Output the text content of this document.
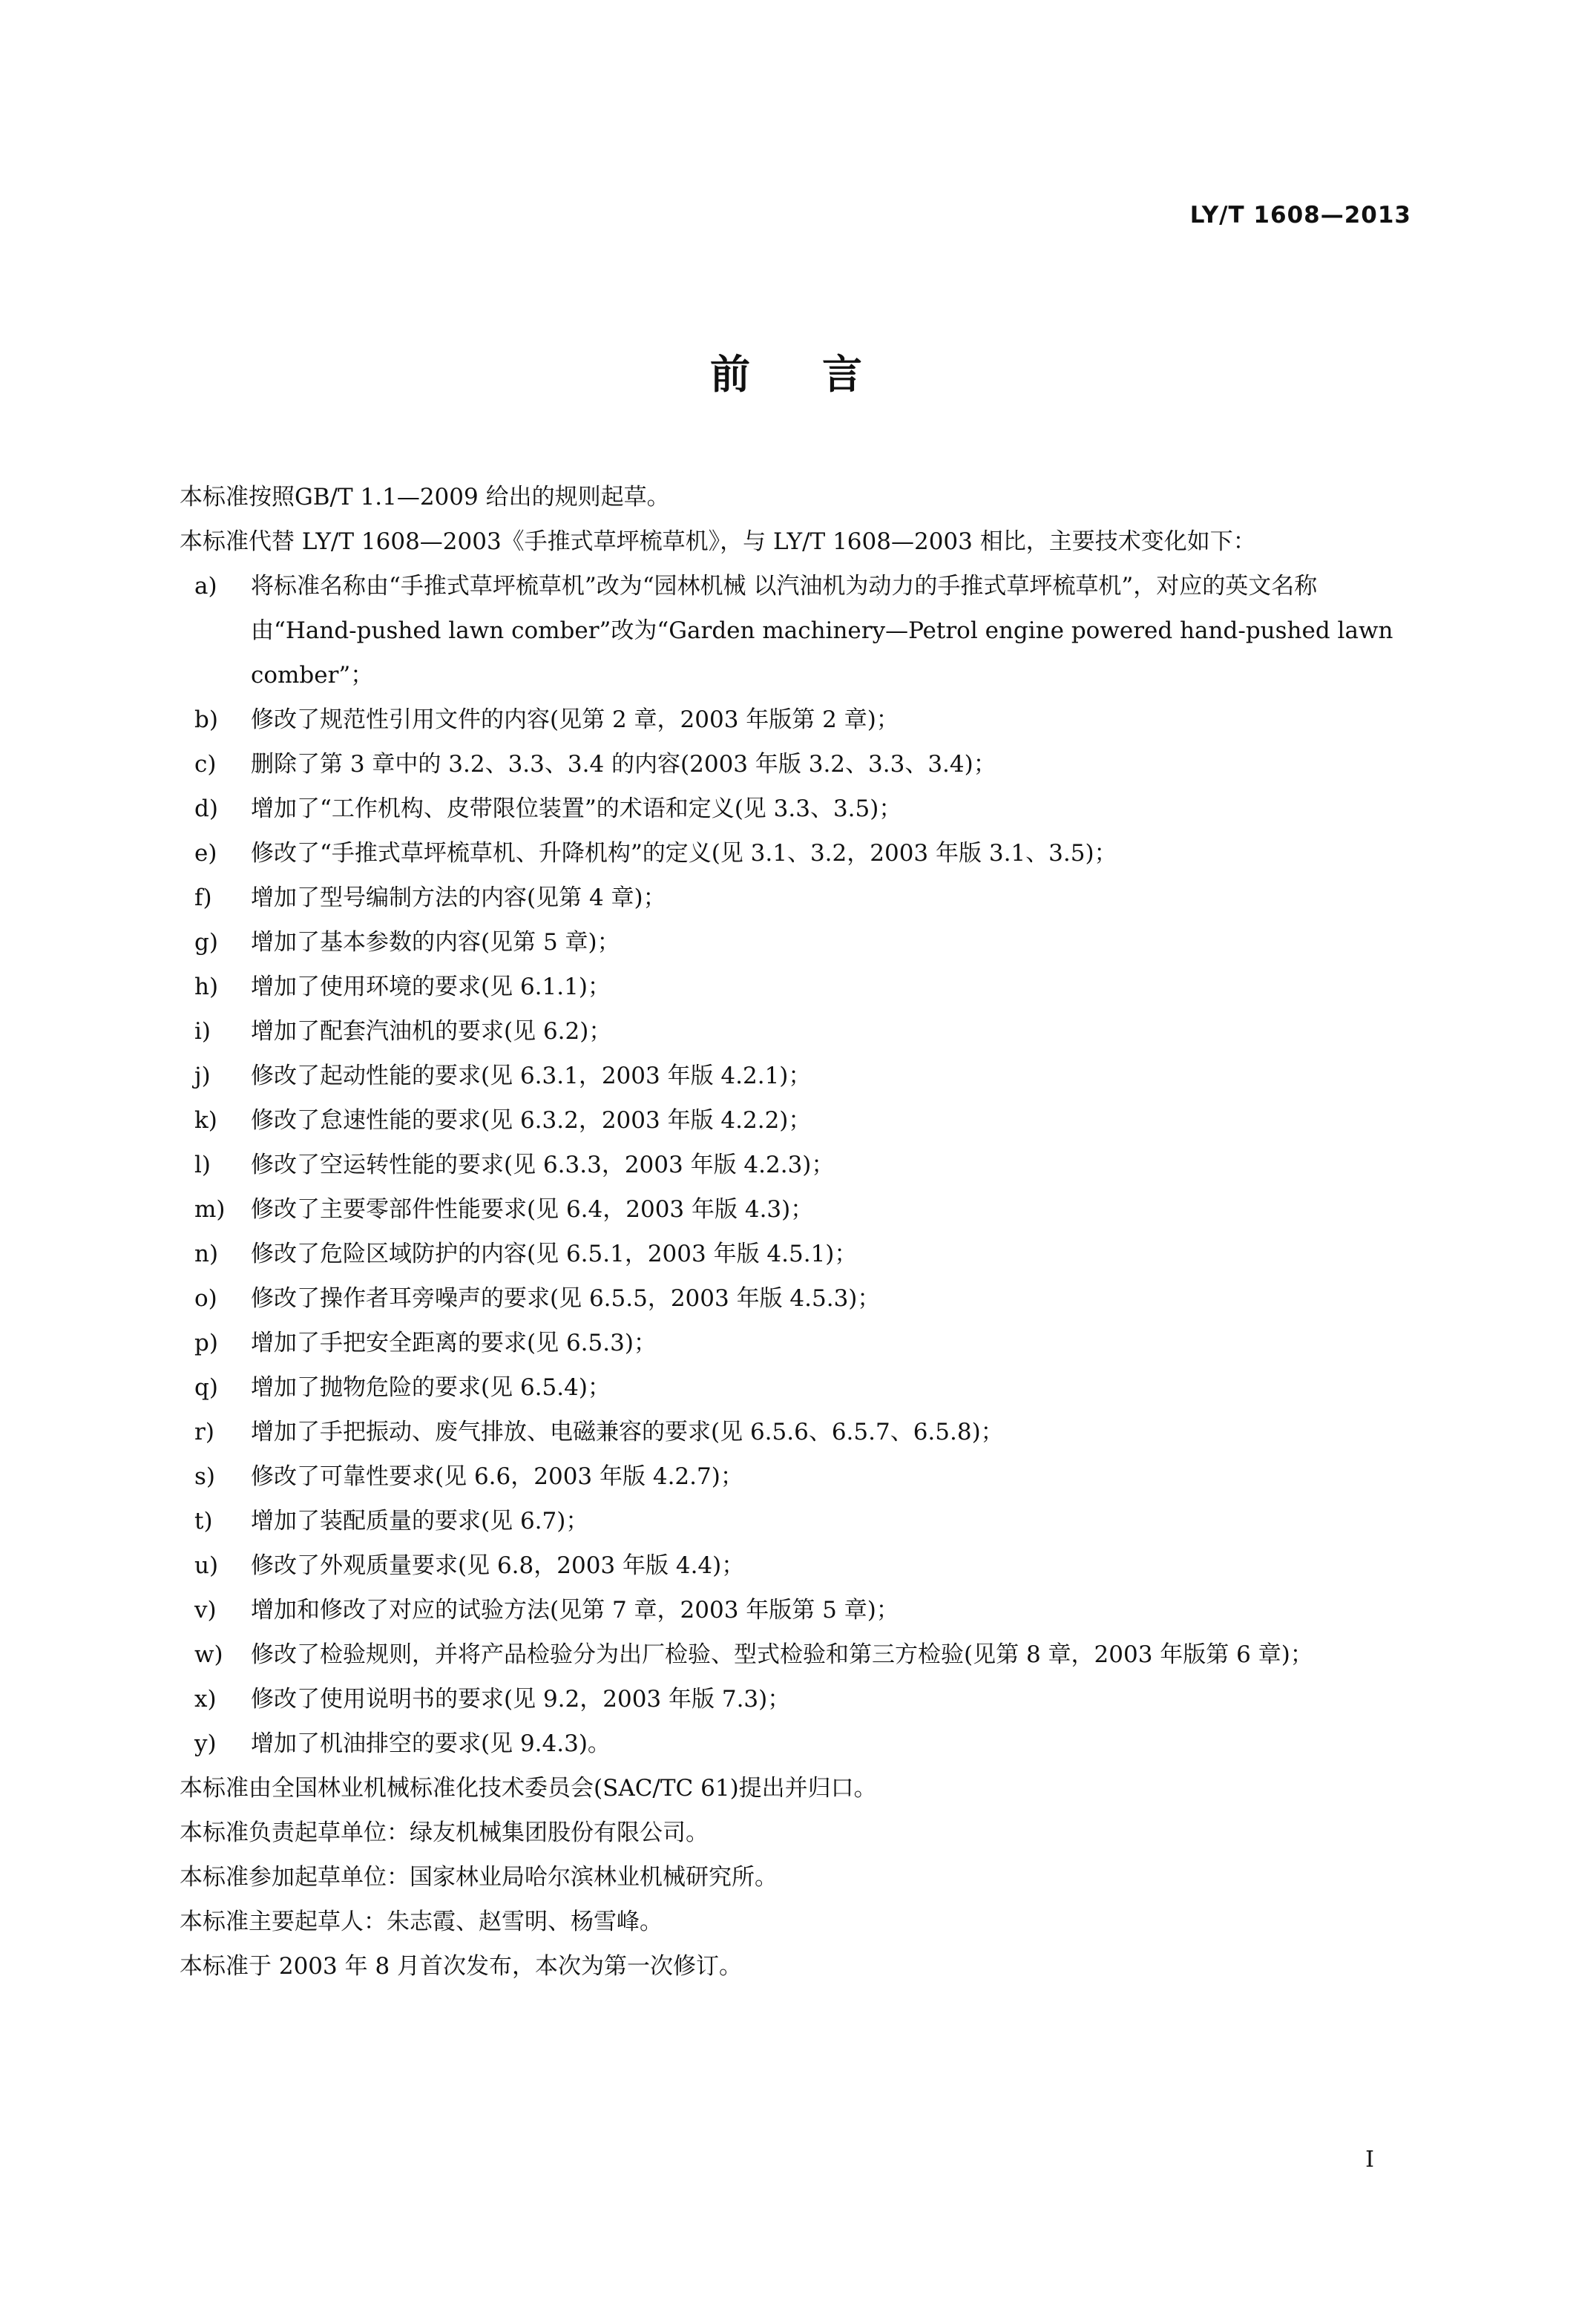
LY/T 1608—2013
前 言

本标准按照GB/T 1.1—2009 给出的规则起草。

本标准代替 LY/T 1608—2003《手推式草坪梳草机》，与 LY/T 1608—2003 相比，主要技术变化如下：

a) 将标准名称由“手推式草坪梳草机”改为“园林机械 以汽油机为动力的手推式草坪梳草机”，对应的英文名称由“Hand-pushed lawn comber”改为“Garden machinery—Petrol engine powered hand-pushed lawn comber”；

b) 修改了规范性引用文件的内容(见第 2 章，2003 年版第 2 章)；

c) 删除了第 3 章中的 3.2、3.3、3.4 的内容(2003 年版 3.2、3.3、3.4)；

d) 增加了“工作机构、皮带限位装置”的术语和定义(见 3.3、3.5)；

e) 修改了“手推式草坪梳草机、升降机构”的定义(见 3.1、3.2，2003 年版 3.1、3.5)；

f) 增加了型号编制方法的内容(见第 4 章)；

g) 增加了基本参数的内容(见第 5 章)；

h) 增加了使用环境的要求(见 6.1.1)；

i) 增加了配套汽油机的要求(见 6.2)；

j) 修改了起动性能的要求(见 6.3.1，2003 年版 4.2.1)；

k) 修改了怠速性能的要求(见 6.3.2，2003 年版 4.2.2)；

l) 修改了空运转性能的要求(见 6.3.3，2003 年版 4.2.3)；

m) 修改了主要零部件性能要求(见 6.4，2003 年版 4.3)；

n) 修改了危险区域防护的内容(见 6.5.1，2003 年版 4.5.1)；

o) 修改了操作者耳旁噪声的要求(见 6.5.5，2003 年版 4.5.3)；

p) 增加了手把安全距离的要求(见 6.5.3)；

q) 增加了抛物危险的要求(见 6.5.4)；

r) 增加了手把振动、废气排放、电磁兼容的要求(见 6.5.6、6.5.7、6.5.8)；

s) 修改了可靠性要求(见 6.6，2003 年版 4.2.7)；

t) 增加了装配质量的要求(见 6.7)；

u) 修改了外观质量要求(见 6.8，2003 年版 4.4)；

v) 增加和修改了对应的试验方法(见第 7 章，2003 年版第 5 章)；

w) 修改了检验规则，并将产品检验分为出厂检验、型式检验和第三方检验(见第 8 章，2003 年版第 6 章)；

x) 修改了使用说明书的要求(见 9.2，2003 年版 7.3)；

y) 增加了机油排空的要求(见 9.4.3)。

本标准由全国林业机械标准化技术委员会(SAC/TC 61)提出并归口。

本标准负责起草单位：绿友机械集团股份有限公司。

本标准参加起草单位：国家林业局哈尔滨林业机械研究所。

本标准主要起草人：朱志霞、赵雪明、杨雪峰。

本标准于 2003 年 8 月首次发布，本次为第一次修订。

I
